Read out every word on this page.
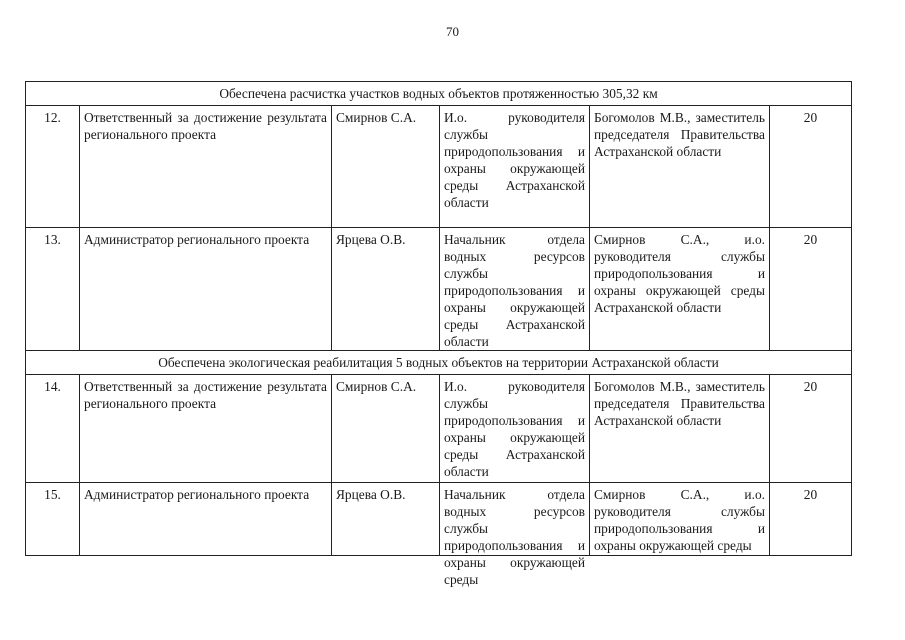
70
Обеспечена расчистка участков водных объектов протяженностью 305,32 км					
12.	Ответственный за достижение результата регионального проекта	Смирнов С.А.	И.о. руководителя службы природопользования и охраны окружающей среды Астраханской области	Богомолов М.В., заместитель председателя Правительства Астраханской области	20
13.	Администратор регионального проекта	Ярцева О.В.	Начальник отдела водных ресурсов службы природопользования и охраны окружающей среды Астраханской области	Смирнов С.А., и.о. руководителя службы природопользования и охраны окружающей среды Астраханской области	20
Обеспечена экологическая реабилитация 5 водных объектов на территории Астраханской области					
14.	Ответственный за достижение результата регионального проекта	Смирнов С.А.	И.о. руководителя службы природопользования и охраны окружающей среды Астраханской области	Богомолов М.В., заместитель председателя Правительства Астраханской области	20
15.	Администратор регионального проекта	Ярцева О.В.	Начальник отдела водных ресурсов службы природопользования и охраны окружающей среды	Смирнов С.А., и.о. руководителя службы природопользования и охраны окружающей среды	20
